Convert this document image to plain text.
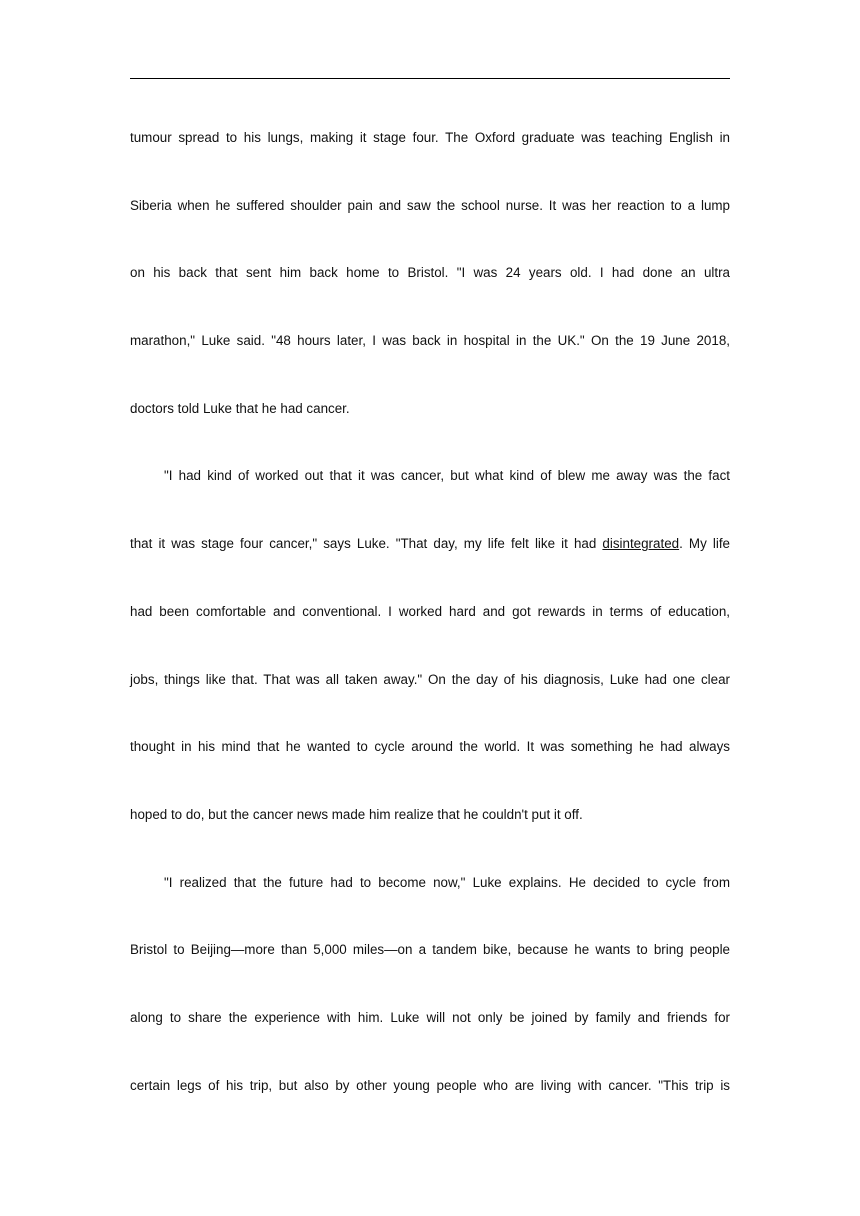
tumour spread to his lungs, making it stage four. The Oxford graduate was teaching English in
Siberia when he suffered shoulder pain and saw the school nurse. It was her reaction to a lump
on his back that sent him back home to Bristol. "I was 24 years old. I had done an ultra
marathon," Luke said. "48 hours later, I was back in hospital in the UK." On the 19 June 2018,
doctors told Luke that he had cancer.
"I had kind of worked out that it was cancer, but what kind of blew me away was the fact
that it was stage four cancer," says Luke. "That day, my life felt like it had disintegrated. My life
had been comfortable and conventional. I worked hard and got rewards in terms of education,
jobs, things like that. That was all taken away." On the day of his diagnosis, Luke had one clear
thought in his mind that he wanted to cycle around the world. It was something he had always
hoped to do, but the cancer news made him realize that he couldn't put it off.
"I realized that the future had to become now," Luke explains. He decided to cycle from
Bristol to Beijing—more than 5,000 miles—on a tandem bike, because he wants to bring people
along to share the experience with him. Luke will not only be joined by family and friends for
certain legs of his trip, but also by other young people who are living with cancer. "This trip is
